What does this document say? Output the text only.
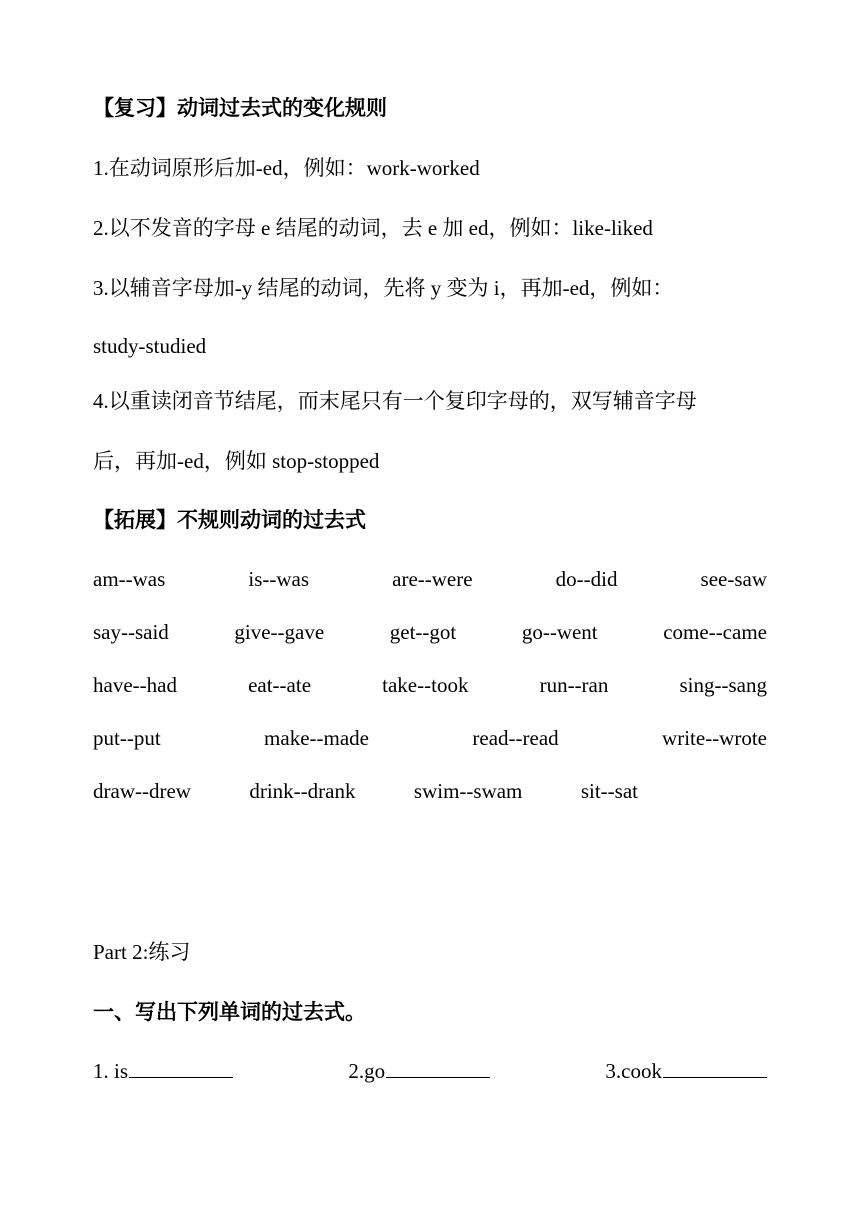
【复习】动词过去式的变化规则
1.在动词原形后加-ed，例如：work-worked
2.以不发音的字母 e 结尾的动词，去 e 加 ed，例如：like-liked
3.以辅音字母加-y 结尾的动词，先将 y 变为 i，再加-ed，例如：
study-studied
4.以重读闭音节结尾，而末尾只有一个复印字母的，双写辅音字母
后，再加-ed，例如 stop-stopped
【拓展】不规则动词的过去式
am--was	is--was	are--were	do--did	see-saw
say--said	give--gave	get--got	go--went	come--came
have--had	eat--ate	take--took	run--ran	sing--sang
put--put	make--made	read--read	write--wrote
draw--drew	drink--drank	swim--swam	sit--sat
Part 2:练习
一、写出下列单词的过去式。
1. is	2.go	3.cook
